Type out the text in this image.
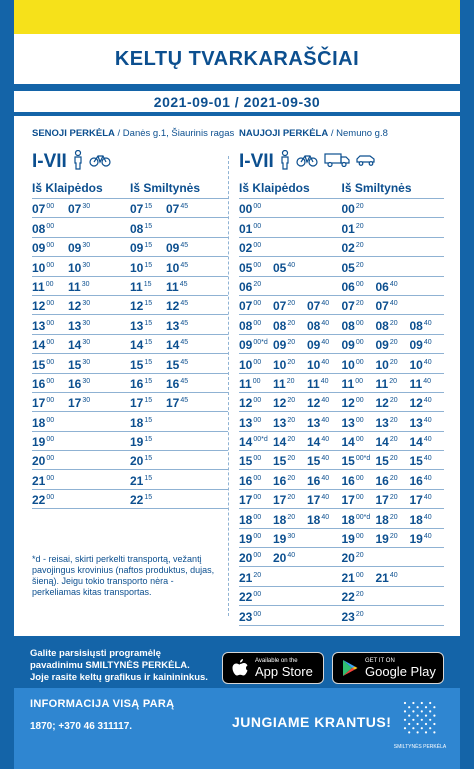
KELTŲ TVARKARAŠČIAI
2021-09-01 / 2021-09-30
SENOJI PERKĖLA / Danės g.1, Šiaurinis ragas
I-VII
Iš Klaipėdos
$07^{00}$	$07^{30}$
$08^{00}$
$09^{00}$	$09^{30}$
$10^{00}$	$10^{30}$
$11^{00}$	$11^{30}$
$12^{00}$	$12^{30}$
$13^{00}$	$13^{30}$
$14^{00}$	$14^{30}$
$15^{00}$	$15^{30}$
$16^{00}$	$16^{30}$
$17^{00}$	$17^{30}$
$18^{00}$
$19^{00}$
$20^{00}$
$21^{00}$
$22^{00}$
Iš Smiltynės
$07^{15}$	$07^{45}$
$08^{15}$
$09^{15}$	$09^{45}$
$10^{15}$	$10^{45}$
$11^{15}$	$11^{45}$
$12^{15}$	$12^{45}$
$13^{15}$	$13^{45}$
$14^{15}$	$14^{45}$
$15^{15}$	$15^{45}$
$16^{15}$	$16^{45}$
$17^{15}$	$17^{45}$
$18^{15}$
$19^{15}$
$20^{15}$
$21^{15}$
$22^{15}$
NAUJOJI PERKĖLA / Nemuno g.8
I-VII
Iš Klaipėdos
$00^{00}$
$01^{00}$
$02^{00}$
$05^{00}$ $05^{40}$
$06^{20}$
$07^{00}$ $07^{20}$ $07^{40}$
$08^{00}$ $08^{20}$ $08^{40}$
$09^{00*d}$ $09^{20}$ $09^{40}$
$10^{00}$ $10^{20}$ $10^{40}$
$11^{00}$	$11^{20}$	$11^{40}$
$12^{00}$ $12^{20}$ $12^{40}$
$13^{00}$ $13^{20}$ $13^{40}$
$14^{00*d}$ $14^{20}$ $14^{40}$
$15^{00}$ $15^{20}$ $15^{40}$
$16^{00}$ $16^{20}$ $16^{40}$
$17^{00}$ $17^{20}$ $17^{40}$
$18^{00}$ $18^{20}$ $18^{40}$
$19^{00}$ $19^{30}$
$20^{00}$ $20^{40}$
$21^{20}$
$22^{00}$
$23^{00}$
Iš Smiltynės
$00^{20}$
$01^{20}$
$02^{20}$
$05^{20}$
$06^{00}$ $06^{40}$
$07^{20}$ $07^{40}$
$08^{00}$ $08^{20}$ $08^{40}$
$09^{00}$ $09^{20}$ $09^{40}$
$10^{00}$ $10^{20}$ $10^{40}$
$11^{00}$	$11^{20}$	$11^{40}$
$12^{00}$ $12^{20}$ $12^{40}$
$13^{00}$ $13^{20}$ $13^{40}$
$14^{00}$ $14^{20}$ $14^{40}$
$15^{00*d}$ $15^{20}$ $15^{40}$
$16^{00}$ $16^{20}$ $16^{40}$
$17^{00}$ $17^{20}$ $17^{40}$
$18^{00*d}$ $18^{20}$ $18^{40}$
$19^{00}$ $19^{20}$ $19^{40}$
$20^{20}$
$21^{00}$ $21^{40}$
$22^{20}$
$23^{20}$
*d - reisai, skirti perkelti transportą, vežantį pavojingus krovinius (naftos produktus, dujas, šieną). Jeigu tokio transporto nėra - perkeliamas kitas transportas.
Galite parsisiųsti programėlę pavadinimu SMILTYNĖS PERKĖLA. Joje rasite keltų grafikus ir kainininkus.
Available on the
App Store
GET IT ON
Google Play
INFORMACIJA VISĄ PARĄ
1870; +370 46 311117.	JUNGIAME KRANTUS!
SMILTYNĖS PERKĖLA
